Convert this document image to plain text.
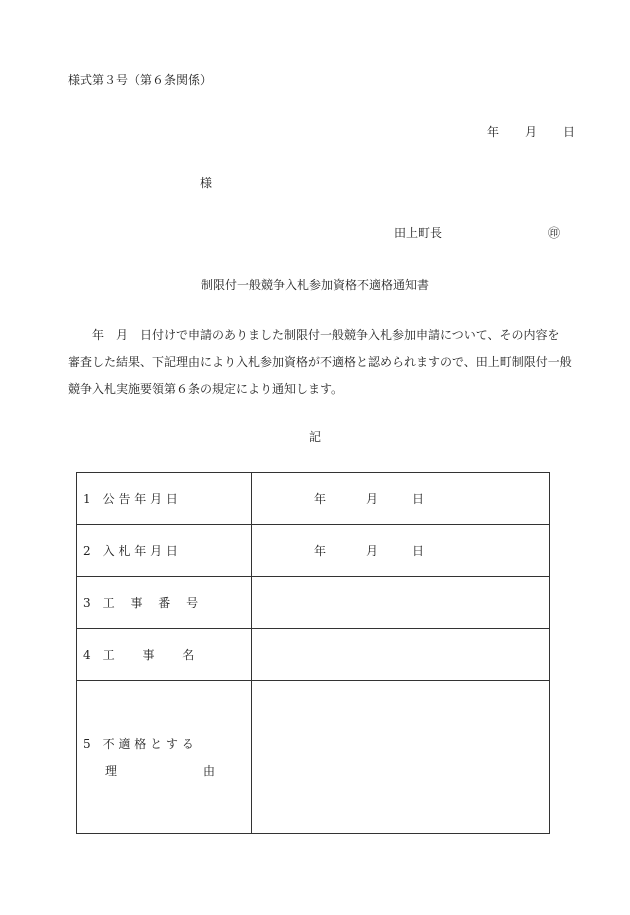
様式第３号（第６条関係）
年 月 日
様
田上町長	㊞
制限付一般競争入札参加資格不適格通知書
　　年　月　日付けで申請のありました制限付一般競争入札参加申請について、その内容を
審査した結果、下記理由により入札参加資格が不適格と認められますので、田上町制限付一般
競争入札実施要領第６条の規定により通知します。
記
1　公 告 年 月 日	年 月 日

2　入 札 年 月 日	年 月 日

3　工　 事　 番　 号	
4　工　　 事　　 名	

5　不 適 格 と す る
理 由	
